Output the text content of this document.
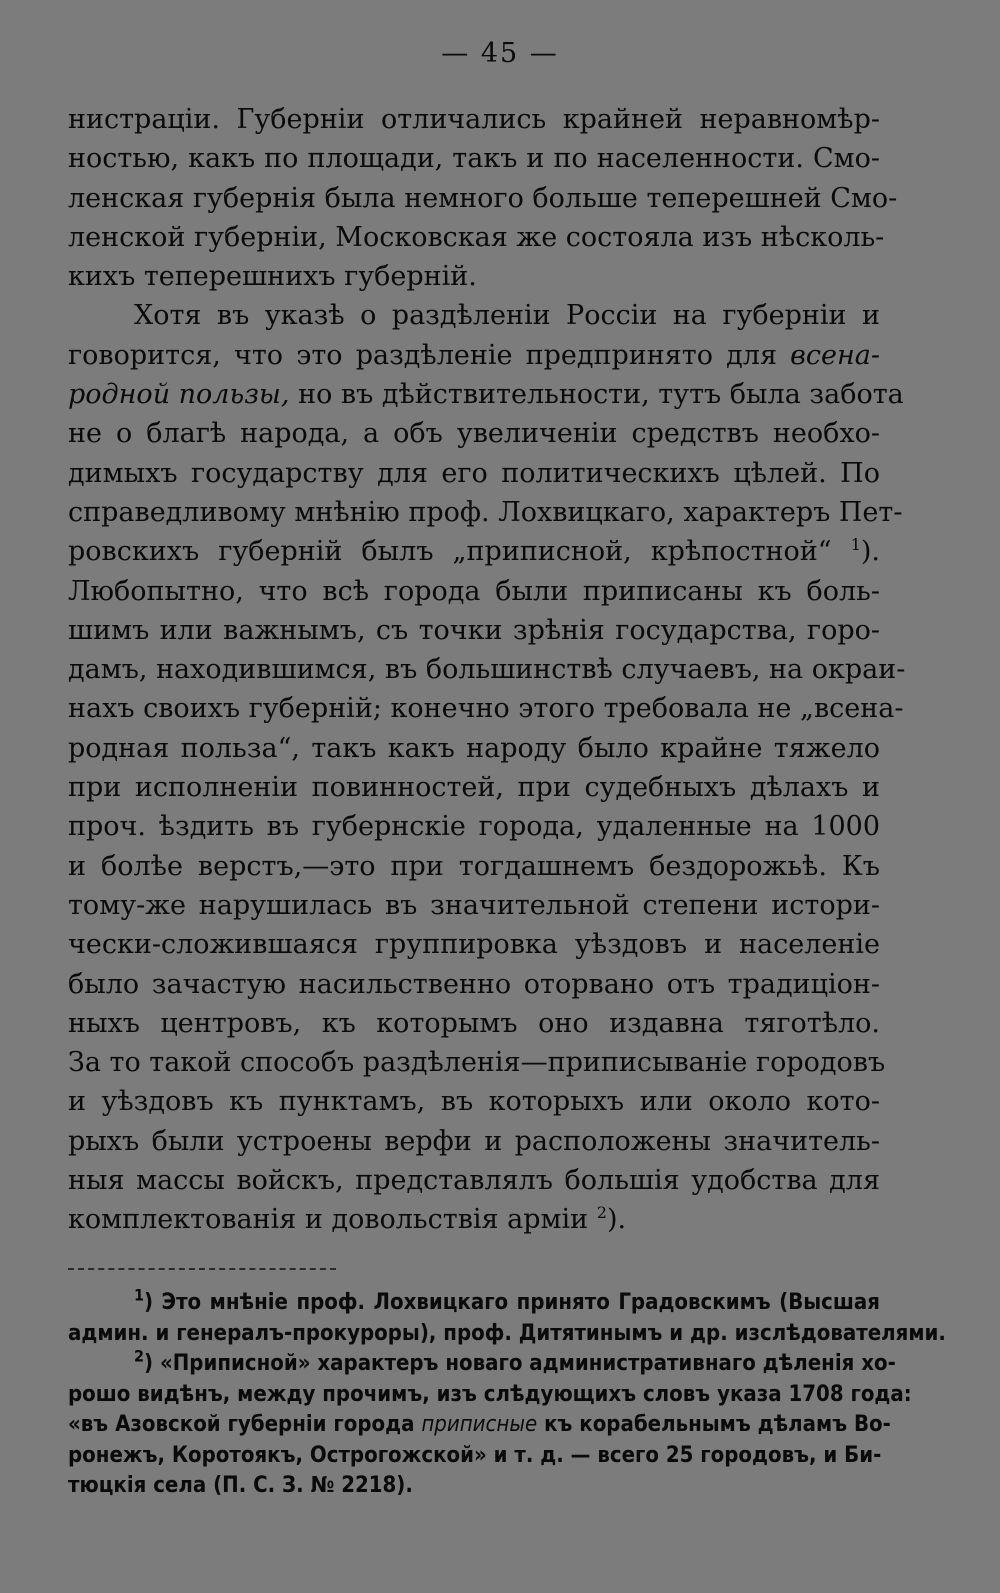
— 45 —
нистраціи. Губерніи отличались крайней неравномѣр-
ностью, какъ по площади, такъ и по населенности. Смо-
ленская губернія была немного больше теперешней Смо-
ленской губерніи, Московская же состояла изъ нѣсколь-
кихъ теперешнихъ губерній.
Хотя въ указѣ о раздѣленіи Россіи на губерніи и
говорится, что это раздѣленіе предпринято для всена-
родной пользы, но въ дѣйствительности, тутъ была забота
не о благѣ народа, а объ увеличеніи средствъ необхо-
димыхъ государству для его политическихъ цѣлей. По
справедливому мнѣнію проф. Лохвицкаго, характеръ Пет-
ровскихъ губерній былъ „приписной, крѣпостной“ $^1$).
Любопытно, что всѣ города были приписаны къ боль-
шимъ или важнымъ, съ точки зрѣнія государства, горо-
дамъ, находившимся, въ большинствѣ случаевъ, на окраи-
нахъ своихъ губерній; конечно этого требовала не „всена-
родная польза“, такъ какъ народу было крайне тяжело
при исполненіи повинностей, при судебныхъ дѣлахъ и
проч. ѣздить въ губернскіе города, удаленные на 1000
и болѣе верстъ,—это при тогдашнемъ бездорожьѣ. Къ
тому-же нарушилась въ значительной степени истори-
чески-сложившаяся группировка уѣздовъ и населеніе
было зачастую насильственно оторвано отъ традиціон-
ныхъ центровъ, къ которымъ оно издавна тяготѣло.
За то такой способъ раздѣленія—приписываніе городовъ
и уѣздовъ къ пунктамъ, въ которыхъ или около кото-
рыхъ были устроены верфи и расположены значитель-
ныя массы войскъ, представлялъ большія удобства для
комплектованія и довольствія арміи $^2$).
$^1$) Это мнѣніе проф. Лохвицкаго принято Градовскимъ (Высшая
админ. и генералъ-прокуроры), проф. Дитятинымъ и др. изслѣдователями.
$^2$) «Приписной» характеръ новаго административнаго дѣленія хо-
рошо видѣнъ, между прочимъ, изъ слѣдующихъ словъ указа 1708 года:
«въ Азовской губерніи города приписные къ корабельнымъ дѣламъ Во-
ронежъ, Коротоякъ, Острогожской» и т. д. — всего 25 городовъ, и Би-
тюцкія села (П. С. З. № 2218).
